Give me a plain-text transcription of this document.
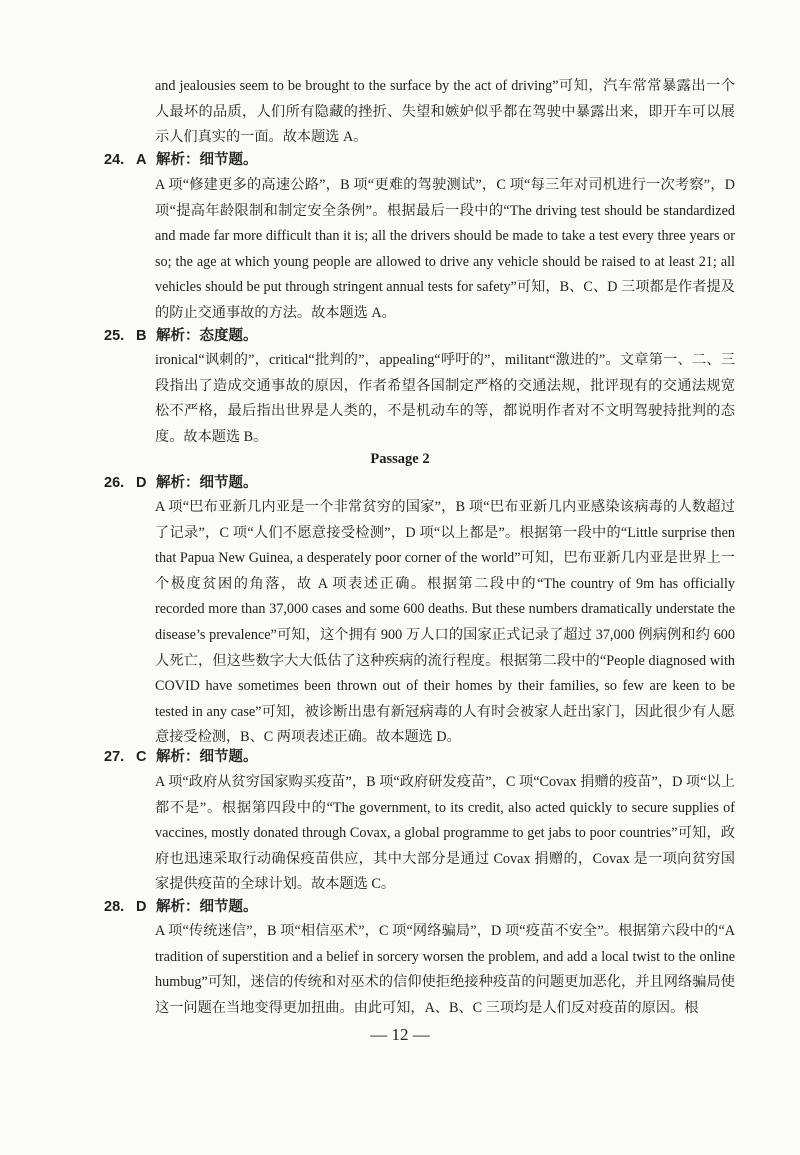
and jealousies seem to be brought to the surface by the act of driving”可知，汽车常常暴露出一个人最坏的品质，人们所有隐藏的挫折、失望和嫉妒似乎都在驾驶中暴露出来，即开车可以展示人们真实的一面。故本题选 A。
24. A 解析：细节题。
A 项“修建更多的高速公路”，B 项“更难的驾驶测试”，C 项“每三年对司机进行一次考察”，D 项“提高年龄限制和制定安全条例”。根据最后一段中的“The driving test should be standardized and made far more difficult than it is; all the drivers should be made to take a test every three years or so; the age at which young people are allowed to drive any vehicle should be raised to at least 21; all vehicles should be put through stringent annual tests for safety”可知，B、C、D 三项都是作者提及的防止交通事故的方法。故本题选 A。
25. B 解析：态度题。
ironical“讽刺的”，critical“批判的”，appealing“呼吁的”，militant“激进的”。文章第一、二、三段指出了造成交通事故的原因，作者希望各国制定严格的交通法规，批评现有的交通法规宽松不严格，最后指出世界是人类的，不是机动车的等，都说明作者对不文明驾驶持批判的态度。故本题选 B。
Passage 2
26. D 解析：细节题。
A 项“巴布亚新几内亚是一个非常贫穷的国家”，B 项“巴布亚新几内亚感染该病毒的人数超过了记录”，C 项“人们不愿意接受检测”，D 项“以上都是”。根据第一段中的“Little surprise then that Papua New Guinea, a desperately poor corner of the world”可知，巴布亚新几内亚是世界上一个极度贫困的角落，故 A 项表述正确。根据第二段中的“The country of 9m has officially recorded more than 37,000 cases and some 600 deaths. But these numbers dramatically understate the disease’s prevalence”可知，这个拥有 900 万人口的国家正式记录了超过 37,000 例病例和约 600 人死亡，但这些数字大大低估了这种疾病的流行程度。根据第二段中的“People diagnosed with COVID have sometimes been thrown out of their homes by their families, so few are keen to be tested in any case”可知，被诊断出患有新冠病毒的人有时会被家人赶出家门，因此很少有人愿意接受检测，B、C 两项表述正确。故本题选 D。
27. C 解析：细节题。
A 项“政府从贫穷国家购买疫苗”，B 项“政府研发疫苗”，C 项“Covax 捐赠的疫苗”，D 项“以上都不是”。根据第四段中的“The government, to its credit, also acted quickly to secure supplies of vaccines, mostly donated through Covax, a global programme to get jabs to poor countries”可知，政府也迅速采取行动确保疫苗供应，其中大部分是通过 Covax 捐赠的，Covax 是一项向贫穷国家提供疫苗的全球计划。故本题选 C。
28. D 解析：细节题。
A 项“传统迷信”，B 项“相信巫术”，C 项“网络骗局”，D 项“疫苗不安全”。根据第六段中的“A tradition of superstition and a belief in sorcery worsen the problem, and add a local twist to the online humbug”可知，迷信的传统和对巫术的信仰使拒绝接种疫苗的问题更加恶化，并且网络骗局使这一问题在当地变得更加扭曲。由此可知，A、B、C 三项均是人们反对疫苗的原因。根
— 12 —
